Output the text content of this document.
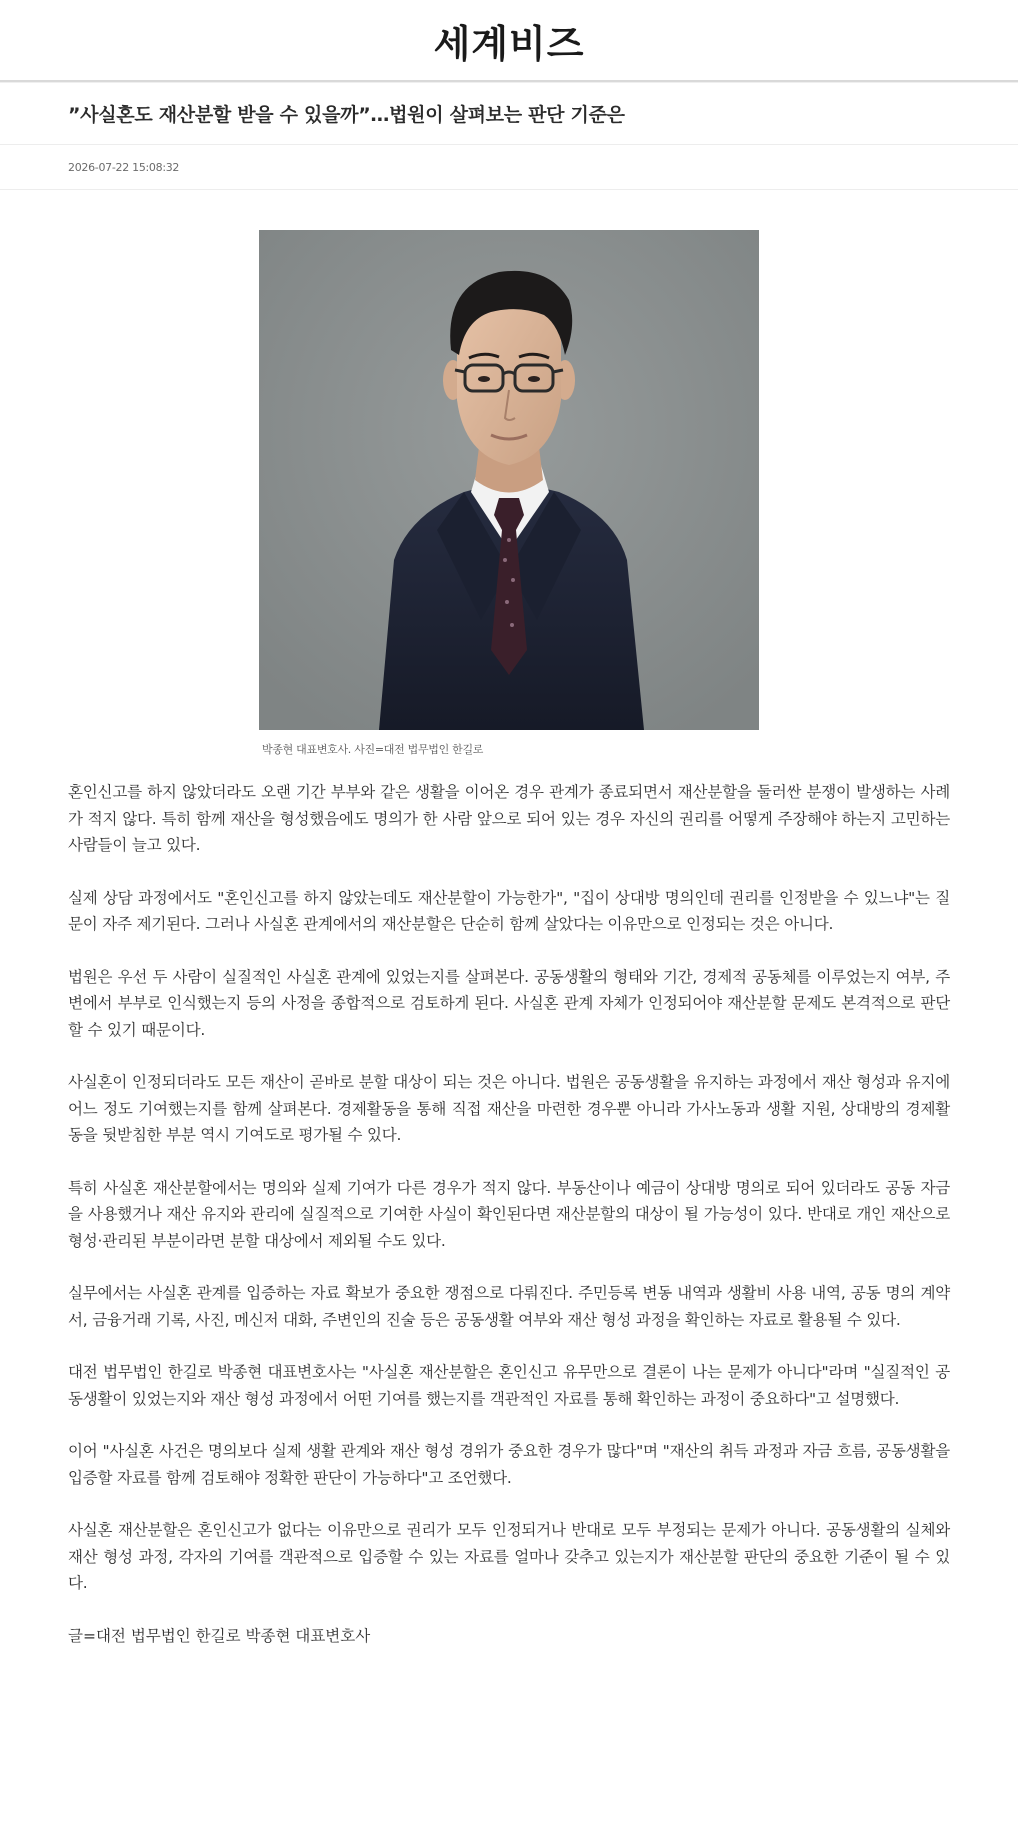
세계비즈
”사실혼도 재산분할 받을 수 있을까”…법원이 살펴보는 판단 기준은
2026-07-22 15:08:32
박종현 대표변호사. 사진=대전 법무법인 한길로

혼인신고를 하지 않았더라도 오랜 기간 부부와 같은 생활을 이어온 경우 관계가 종료되면서 재산분할을 둘러싼 분쟁이 발생하는 사례가 적지 않다. 특히 함께 재산을 형성했음에도 명의가 한 사람 앞으로 되어 있는 경우 자신의 권리를 어떻게 주장해야 하는지 고민하는 사람들이 늘고 있다.

실제 상담 과정에서도 "혼인신고를 하지 않았는데도 재산분할이 가능한가", "집이 상대방 명의인데 권리를 인정받을 수 있느냐"는 질문이 자주 제기된다. 그러나 사실혼 관계에서의 재산분할은 단순히 함께 살았다는 이유만으로 인정되는 것은 아니다.

법원은 우선 두 사람이 실질적인 사실혼 관계에 있었는지를 살펴본다. 공동생활의 형태와 기간, 경제적 공동체를 이루었는지 여부, 주변에서 부부로 인식했는지 등의 사정을 종합적으로 검토하게 된다. 사실혼 관계 자체가 인정되어야 재산분할 문제도 본격적으로 판단할 수 있기 때문이다.

사실혼이 인정되더라도 모든 재산이 곧바로 분할 대상이 되는 것은 아니다. 법원은 공동생활을 유지하는 과정에서 재산 형성과 유지에 어느 정도 기여했는지를 함께 살펴본다. 경제활동을 통해 직접 재산을 마련한 경우뿐 아니라 가사노동과 생활 지원, 상대방의 경제활동을 뒷받침한 부분 역시 기여도로 평가될 수 있다.

특히 사실혼 재산분할에서는 명의와 실제 기여가 다른 경우가 적지 않다. 부동산이나 예금이 상대방 명의로 되어 있더라도 공동 자금을 사용했거나 재산 유지와 관리에 실질적으로 기여한 사실이 확인된다면 재산분할의 대상이 될 가능성이 있다. 반대로 개인 재산으로 형성·관리된 부분이라면 분할 대상에서 제외될 수도 있다.

실무에서는 사실혼 관계를 입증하는 자료 확보가 중요한 쟁점으로 다뤄진다. 주민등록 변동 내역과 생활비 사용 내역, 공동 명의 계약서, 금융거래 기록, 사진, 메신저 대화, 주변인의 진술 등은 공동생활 여부와 재산 형성 과정을 확인하는 자료로 활용될 수 있다.

대전 법무법인 한길로 박종현 대표변호사는 "사실혼 재산분할은 혼인신고 유무만으로 결론이 나는 문제가 아니다"라며 "실질적인 공동생활이 있었는지와 재산 형성 과정에서 어떤 기여를 했는지를 객관적인 자료를 통해 확인하는 과정이 중요하다"고 설명했다.

이어 "사실혼 사건은 명의보다 실제 생활 관계와 재산 형성 경위가 중요한 경우가 많다"며 "재산의 취득 과정과 자금 흐름, 공동생활을 입증할 자료를 함께 검토해야 정확한 판단이 가능하다"고 조언했다.

사실혼 재산분할은 혼인신고가 없다는 이유만으로 권리가 모두 인정되거나 반대로 모두 부정되는 문제가 아니다. 공동생활의 실체와 재산 형성 과정, 각자의 기여를 객관적으로 입증할 수 있는 자료를 얼마나 갖추고 있는지가 재산분할 판단의 중요한 기준이 될 수 있다.

글=대전 법무법인 한길로 박종현 대표변호사
